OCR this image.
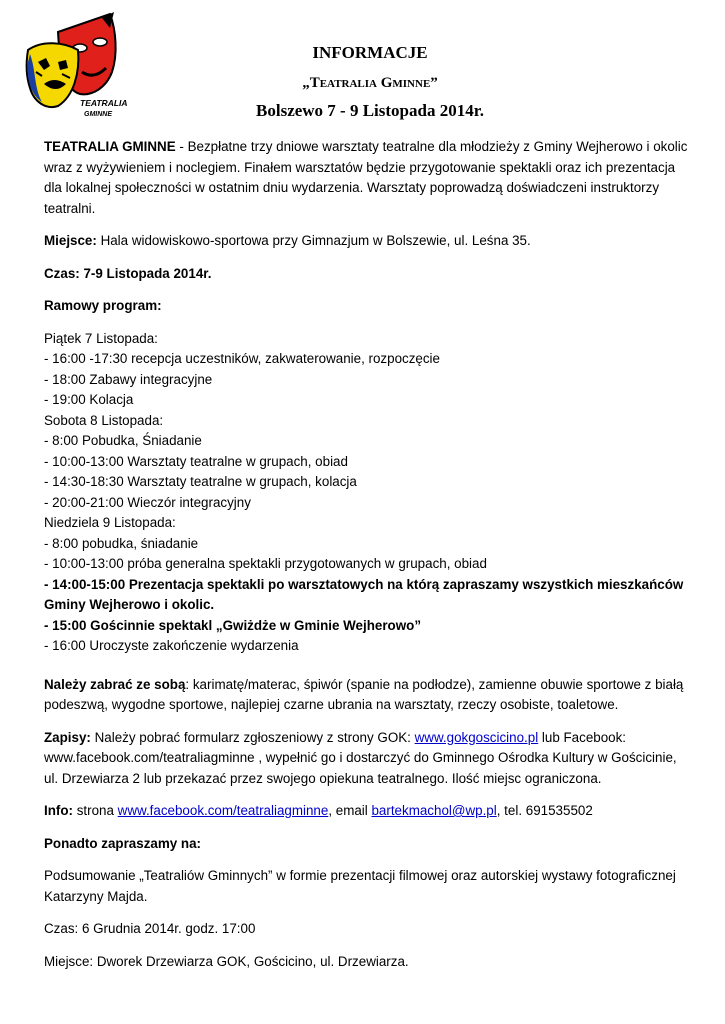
TEATRALIA
GMINNE
INFORMACJE
„Teatralia Gminne”
Bolszewo 7 - 9 Listopada 2014r.

TEATRALIA GMINNE - Bezpłatne trzy dniowe warsztaty teatralne dla młodzieży z Gminy Wejherowo i okolic wraz z wyżywieniem i noclegiem. Finałem warsztatów będzie przygotowanie spektakli oraz ich prezentacja dla lokalnej społeczności w ostatnim dniu wydarzenia. Warsztaty poprowadzą doświadczeni instruktorzy teatralni.

Miejsce: Hala widowiskowo-sportowa przy Gimnazjum w Bolszewie, ul. Leśna 35.

Czas: 7-9 Listopada 2014r.

Ramowy program:

Piątek 7 Listopada:
- 16:00 -17:30 recepcja uczestników, zakwaterowanie, rozpoczęcie
- 18:00 Zabawy integracyjne
- 19:00 Kolacja
Sobota 8 Listopada:
- 8:00 Pobudka, Śniadanie
- 10:00-13:00 Warsztaty teatralne w grupach, obiad
- 14:30-18:30 Warsztaty teatralne w grupach, kolacja
- 20:00-21:00 Wieczór integracyjny
Niedziela 9 Listopada:
- 8:00 pobudka, śniadanie
- 10:00-13:00 próba generalna spektakli przygotowanych w grupach, obiad
- 14:00-15:00 Prezentacja spektakli po warsztatowych na którą zapraszamy wszystkich mieszkańców
Gminy Wejherowo i okolic.
- 15:00 Gościnnie spektakl „Gwiżdże w Gminie Wejherowo”
- 16:00 Uroczyste zakończenie wydarzenia

Należy zabrać ze sobą: karimatę/materac, śpiwór (spanie na podłodze), zamienne obuwie sportowe z białą podeszwą, wygodne sportowe, najlepiej czarne ubrania na warsztaty, rzeczy osobiste, toaletowe.

Zapisy: Należy pobrać formularz zgłoszeniowy z strony GOK: www.gokgoscicino.pl lub Facebook: www.facebook.com/teatraliagminne , wypełnić go i dostarczyć do Gminnego Ośrodka Kultury w Gościcinie, ul. Drzewiarza 2 lub przekazać przez swojego opiekuna teatralnego. Ilość miejsc ograniczona.

Info: strona www.facebook.com/teatraliagminne, email bartekmachol@wp.pl, tel. 691535502

Ponadto zapraszamy na:

Podsumowanie „Teatraliów Gminnych” w formie prezentacji filmowej oraz autorskiej wystawy fotograficznej Katarzyny Majda.

Czas: 6 Grudnia 2014r. godz. 17:00

Miejsce: Dworek Drzewiarza GOK, Gościcino, ul. Drzewiarza.
